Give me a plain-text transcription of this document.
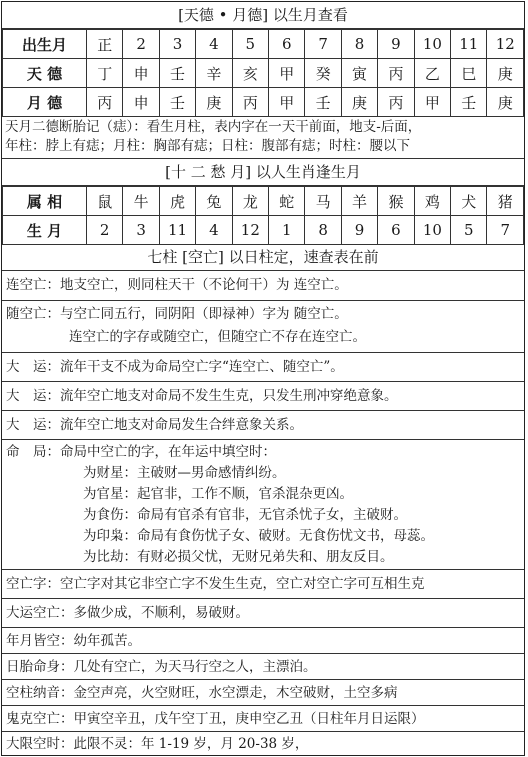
[天德 • 月德] 以生月查看
出生月	正	2	3	4	5	6	7	8	9	10	11	12
天 德	丁	申	壬	辛	亥	甲	癸	寅	丙	乙	巳	庚
月 德	丙	申	壬	庚	丙	甲	壬	庚	丙	甲	壬	庚
天月二德断胎记（痣）：看生月柱，表内字在一天干前面，地支-后面，
年柱：脖上有痣；月柱：胸部有痣；日柱：腹部有痣；时柱：腰以下
[十 二 愁 月] 以人生肖逢生月
属 相	鼠	牛	虎	兔	龙	蛇	马	羊	猴	鸡	犬	猪
生 月	2	3	11	4	12	1	8	9	6	10	5	7
七柱 [空亡] 以日柱定，速查表在前
连空亡：地支空亡，则同柱天干（不论何干）为 连空亡。
随空亡：与空亡同五行，同阴阳（即禄神）字为 随空亡。
连空亡的字存或随空亡，但随空亡不存在连空亡。
大　运：流年干支不成为命局空亡字“连空亡、随空亡”。
大　运：流年空亡地支对命局不发生生克，只发生刑冲穿绝意象。
大　运：流年空亡地支对命局发生合绊意象关系。
命　局：命局中空亡的字，在年运中填空时：
为财星：主破财—男命感情纠纷。
为官星：起官非，工作不顺，官杀混杂更凶。
为食伤：命局有官杀有官非，无官杀忧子女，主破财。
为印枭：命局有食伤忧子女、破财。无食伤忧文书，母蕊。
为比劫：有财必损父忧，无财兄弟失和、朋友反目。
空亡字：空亡字对其它非空亡字不发生生克，空亡对空亡字可互相生克
大运空亡：多做少成，不顺利，易破财。
年月皆空：幼年孤苦。
日胎命身：几处有空亡，为天马行空之人，主漂泊。
空柱纳音：金空声亮，火空财旺，水空漂走，木空破财，土空多病
鬼克空亡：甲寅空辛丑，戊午空丁丑，庚申空乙丑（日柱年月日运限）
大限空时：此限不灵：年 1-19 岁，月 20-38 岁，
